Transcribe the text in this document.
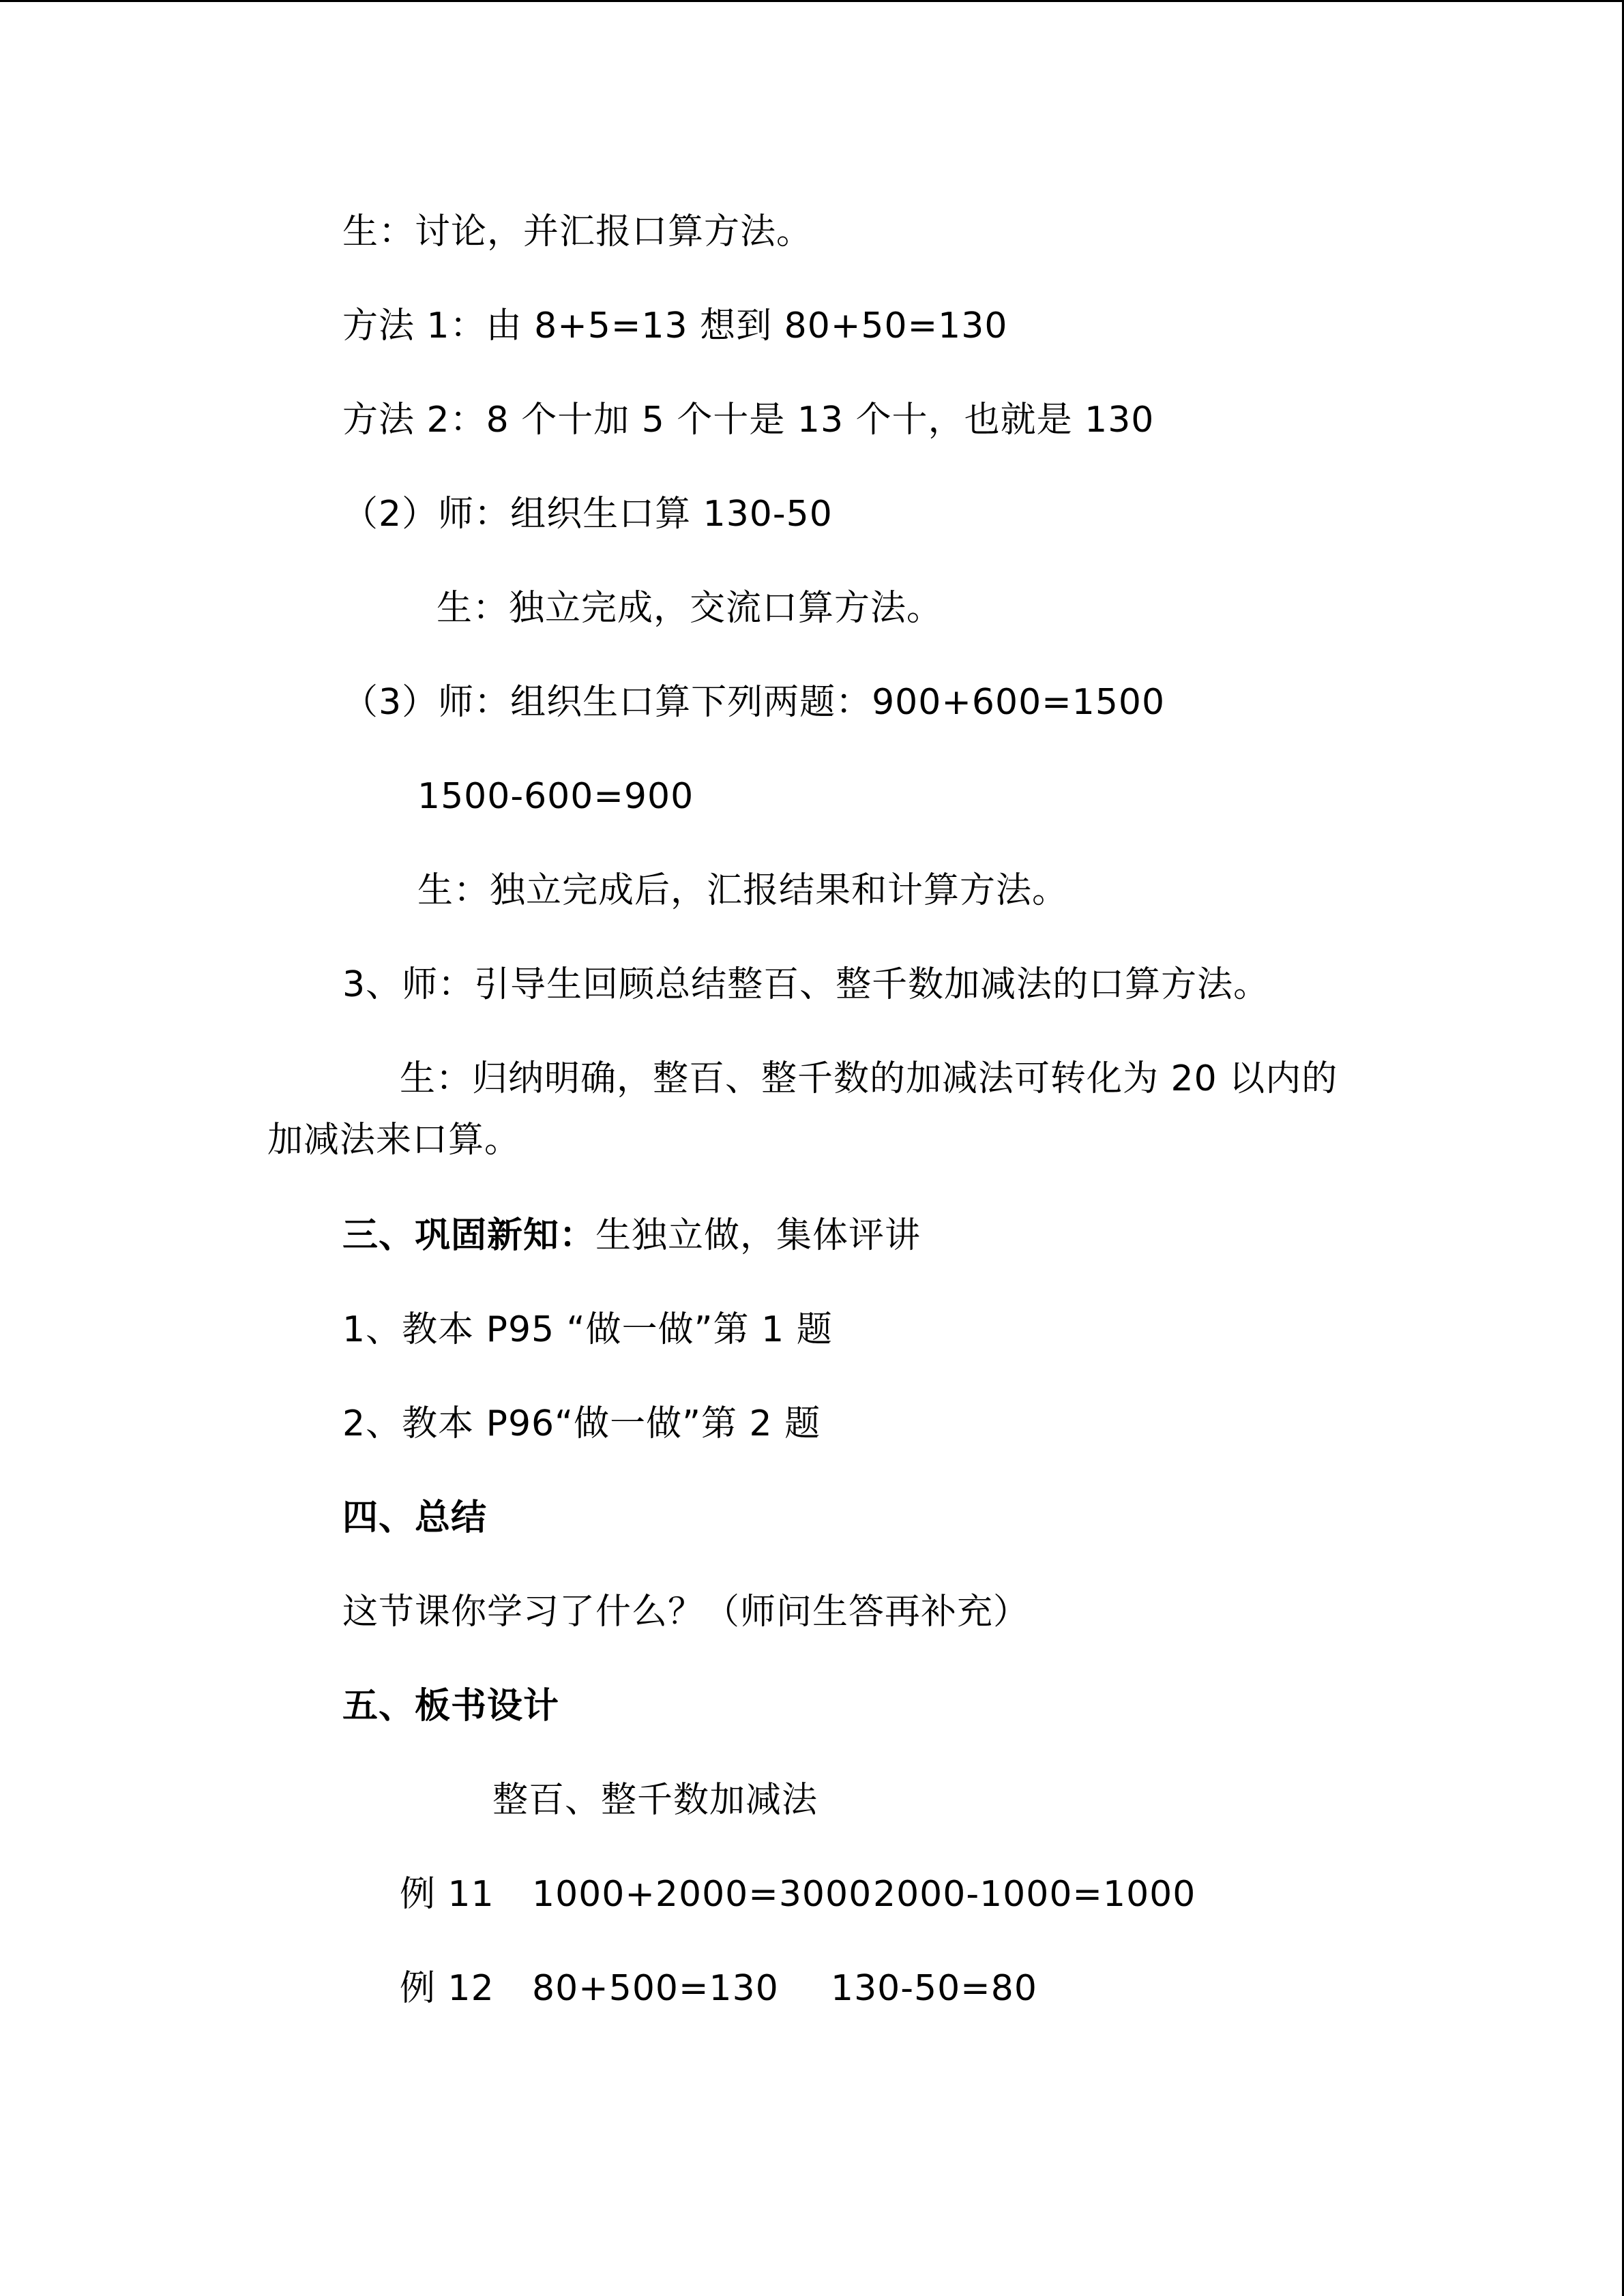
生：讨论，并汇报口算方法。
方法 1：由 8+5=13 想到 80+50=130
方法 2：8 个十加 5 个十是 13 个十，也就是 130
（2）师：组织生口算 130-50
生：独立完成，交流口算方法。
（3）师：组织生口算下列两题：900+600=1500
1500-600=900
生：独立完成后，汇报结果和计算方法。
3、师：引导生回顾总结整百、整千数加减法的口算方法。
生：归纳明确，整百、整千数的加减法可转化为 20 以内的
加减法来口算。
三、巩固新知：生独立做，集体评讲
1、教本 P95 “做一做”第 1 题
2、教本 P96“做一做”第 2 题
四、总结
这节课你学习了什么？（师问生答再补充）
五、板书设计
整百、整千数加减法
例 11 1000+2000=3000 2000-1000=1000
例 12 80+500=130 130-50=80
